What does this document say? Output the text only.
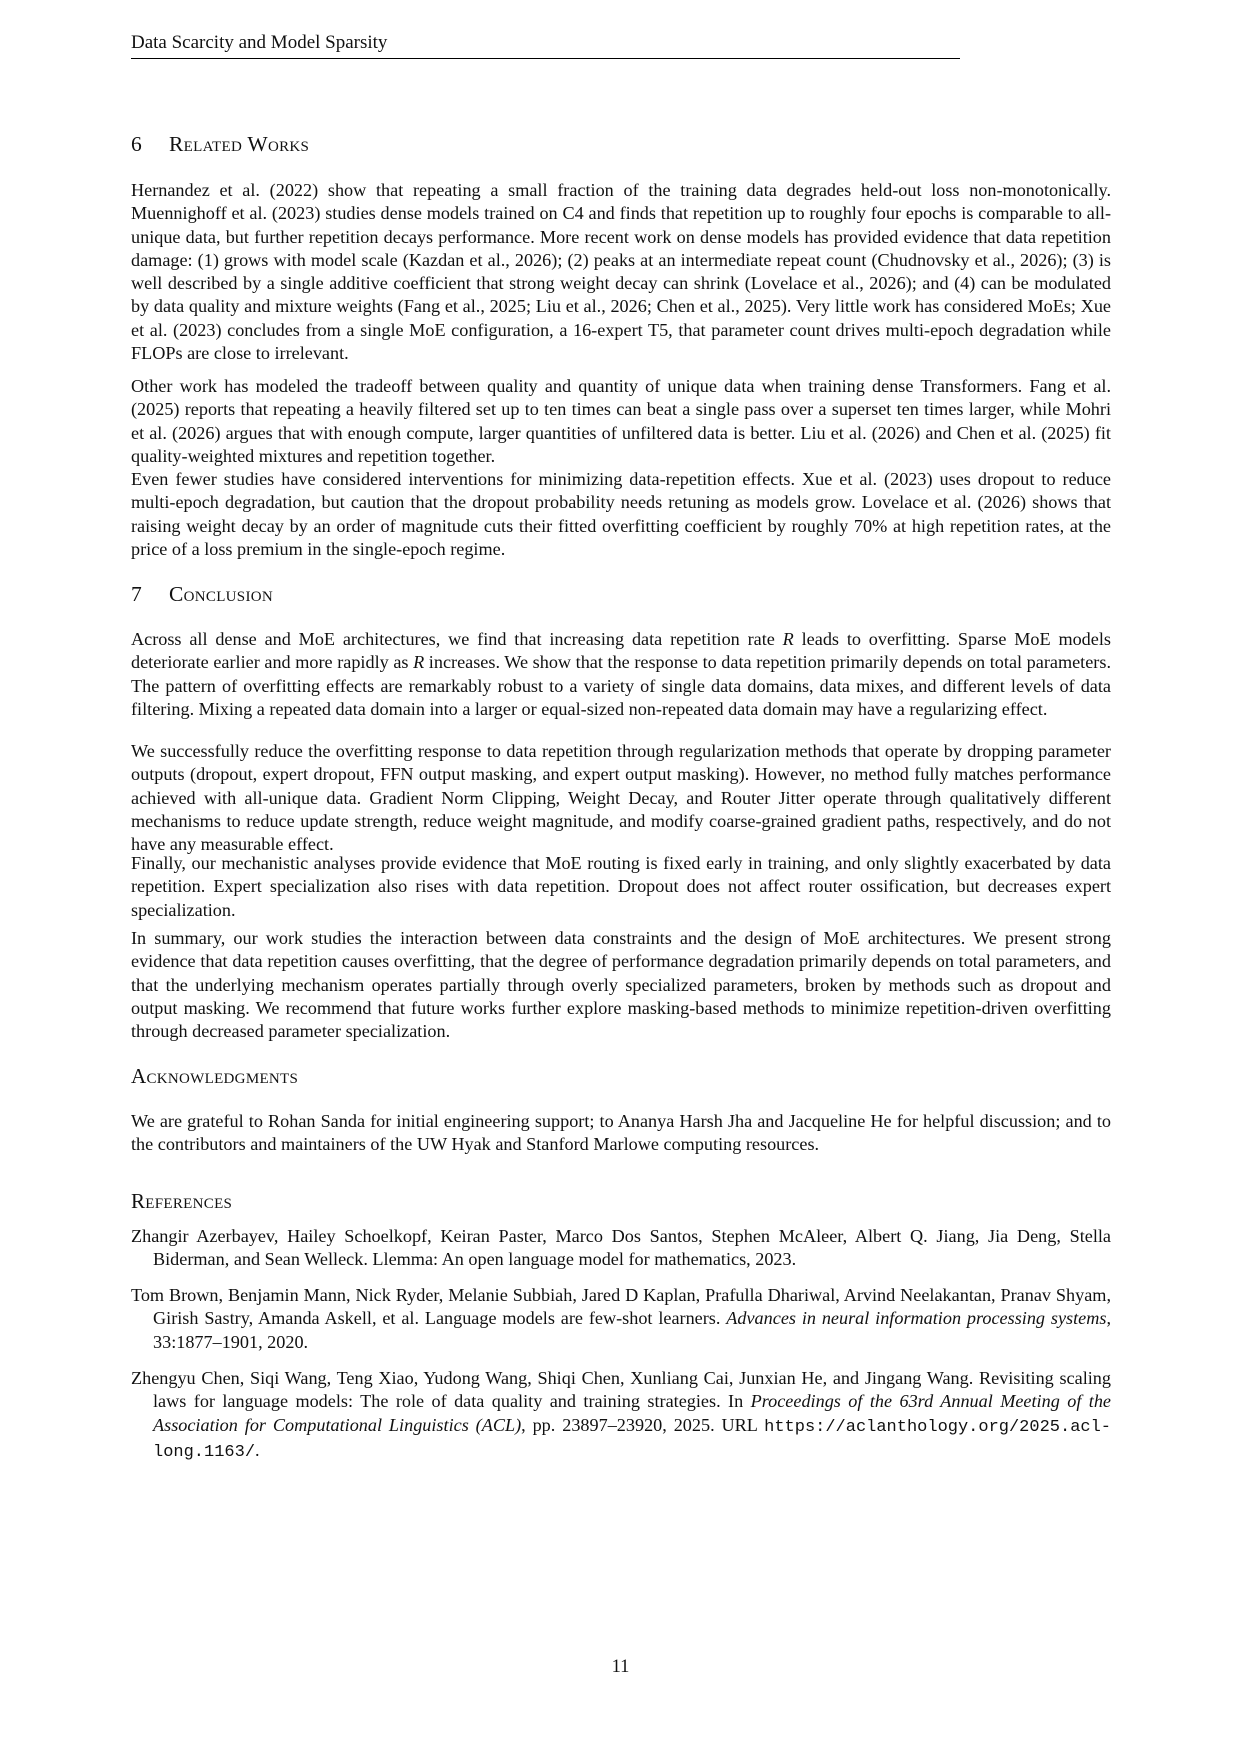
Data Scarcity and Model Sparsity
6 Related Works

Hernandez et al. (2022) show that repeating a small fraction of the training data degrades held-out loss non-monotonically. Muennighoff et al. (2023) studies dense models trained on C4 and finds that repetition up to roughly four epochs is comparable to all-unique data, but further repetition decays performance. More recent work on dense models has provided evidence that data repetition damage: (1) grows with model scale (Kazdan et al., 2026); (2) peaks at an intermediate repeat count (Chudnovsky et al., 2026); (3) is well described by a single additive coefficient that strong weight decay can shrink (Lovelace et al., 2026); and (4) can be modulated by data quality and mixture weights (Fang et al., 2025; Liu et al., 2026; Chen et al., 2025). Very little work has considered MoEs; Xue et al. (2023) concludes from a single MoE configuration, a 16-expert T5, that parameter count drives multi-epoch degradation while FLOPs are close to irrelevant.

Other work has modeled the tradeoff between quality and quantity of unique data when training dense Transformers. Fang et al. (2025) reports that repeating a heavily filtered set up to ten times can beat a single pass over a superset ten times larger, while Mohri et al. (2026) argues that with enough compute, larger quantities of unfiltered data is better. Liu et al. (2026) and Chen et al. (2025) fit quality-weighted mixtures and repetition together.

Even fewer studies have considered interventions for minimizing data-repetition effects. Xue et al. (2023) uses dropout to reduce multi-epoch degradation, but caution that the dropout probability needs retuning as models grow. Lovelace et al. (2026) shows that raising weight decay by an order of magnitude cuts their fitted overfitting coefficient by roughly 70% at high repetition rates, at the price of a loss premium in the single-epoch regime.

7 Conclusion

Across all dense and MoE architectures, we find that increasing data repetition rate R leads to overfitting. Sparse MoE models deteriorate earlier and more rapidly as R increases. We show that the response to data repetition primarily depends on total parameters. The pattern of overfitting effects are remarkably robust to a variety of single data domains, data mixes, and different levels of data filtering. Mixing a repeated data domain into a larger or equal-sized non-repeated data domain may have a regularizing effect.

We successfully reduce the overfitting response to data repetition through regularization methods that operate by dropping parameter outputs (dropout, expert dropout, FFN output masking, and expert output masking). However, no method fully matches performance achieved with all-unique data. Gradient Norm Clipping, Weight Decay, and Router Jitter operate through qualitatively different mechanisms to reduce update strength, reduce weight magnitude, and modify coarse-grained gradient paths, respectively, and do not have any measurable effect.

Finally, our mechanistic analyses provide evidence that MoE routing is fixed early in training, and only slightly exacerbated by data repetition. Expert specialization also rises with data repetition. Dropout does not affect router ossification, but decreases expert specialization.

In summary, our work studies the interaction between data constraints and the design of MoE architectures. We present strong evidence that data repetition causes overfitting, that the degree of performance degradation primarily depends on total parameters, and that the underlying mechanism operates partially through overly specialized parameters, broken by methods such as dropout and output masking. We recommend that future works further explore masking-based methods to minimize repetition-driven overfitting through decreased parameter specialization.

Acknowledgments

We are grateful to Rohan Sanda for initial engineering support; to Ananya Harsh Jha and Jacqueline He for helpful discussion; and to the contributors and maintainers of the UW Hyak and Stanford Marlowe computing resources.

References

Zhangir Azerbayev, Hailey Schoelkopf, Keiran Paster, Marco Dos Santos, Stephen McAleer, Albert Q. Jiang, Jia Deng, Stella Biderman, and Sean Welleck. Llemma: An open language model for mathematics, 2023.

Tom Brown, Benjamin Mann, Nick Ryder, Melanie Subbiah, Jared D Kaplan, Prafulla Dhariwal, Arvind Neelakantan, Pranav Shyam, Girish Sastry, Amanda Askell, et al. Language models are few-shot learners. Advances in neural information processing systems, 33:1877–1901, 2020.

Zhengyu Chen, Siqi Wang, Teng Xiao, Yudong Wang, Shiqi Chen, Xunliang Cai, Junxian He, and Jingang Wang. Revisiting scaling laws for language models: The role of data quality and training strategies. In Proceedings of the 63rd Annual Meeting of the Association for Computational Linguistics (ACL), pp. 23897–23920, 2025. URL https://aclanthology.org/2025.acl-long.1163/.

11
